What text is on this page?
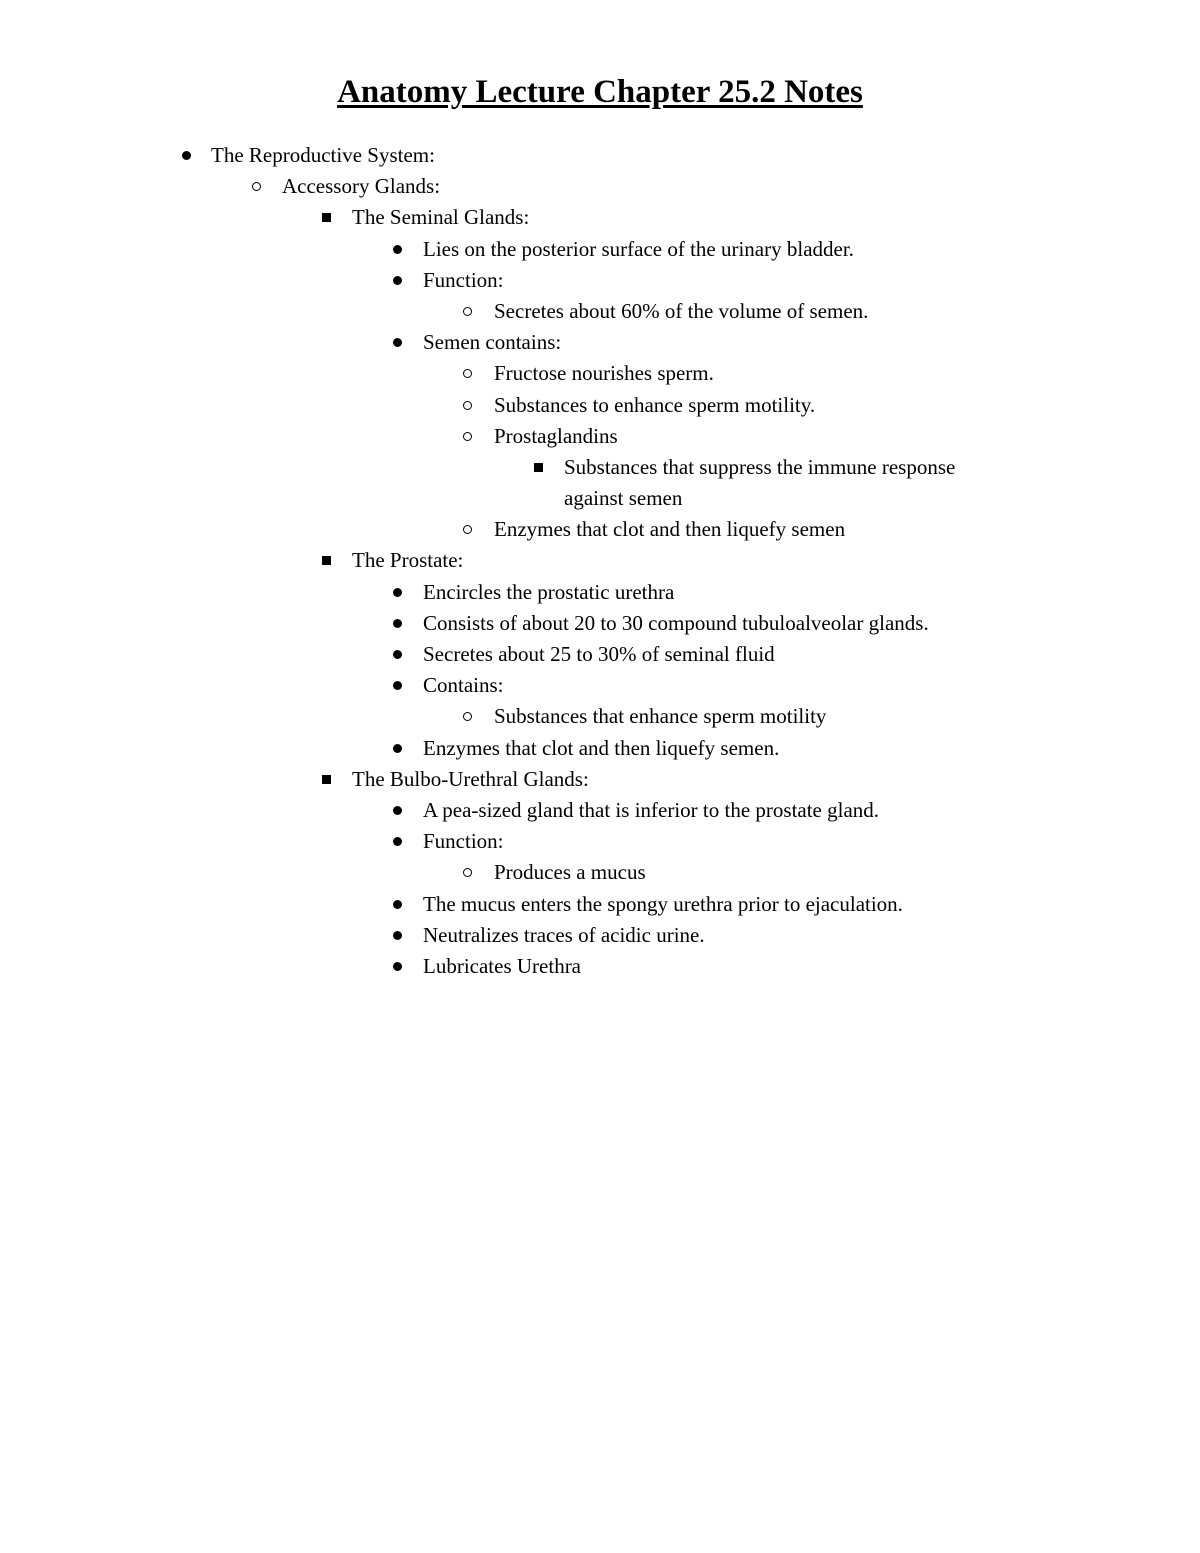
Anatomy Lecture Chapter 25.2 Notes
The Reproductive System:
Accessory Glands:
The Seminal Glands:
Lies on the posterior surface of the urinary bladder.
Function:
Secretes about 60% of the volume of semen.
Semen contains:
Fructose nourishes sperm.
Substances to enhance sperm motility.
Prostaglandins
Substances that suppress the immune response against semen
Enzymes that clot and then liquefy semen
The Prostate:
Encircles the prostatic urethra
Consists of about 20 to 30 compound tubuloalveolar glands.
Secretes about 25 to 30% of seminal fluid
Contains:
Substances that enhance sperm motility
Enzymes that clot and then liquefy semen.
The Bulbo-Urethral Glands:
A pea-sized gland that is inferior to the prostate gland.
Function:
Produces a mucus
The mucus enters the spongy urethra prior to ejaculation.
Neutralizes traces of acidic urine.
Lubricates Urethra
